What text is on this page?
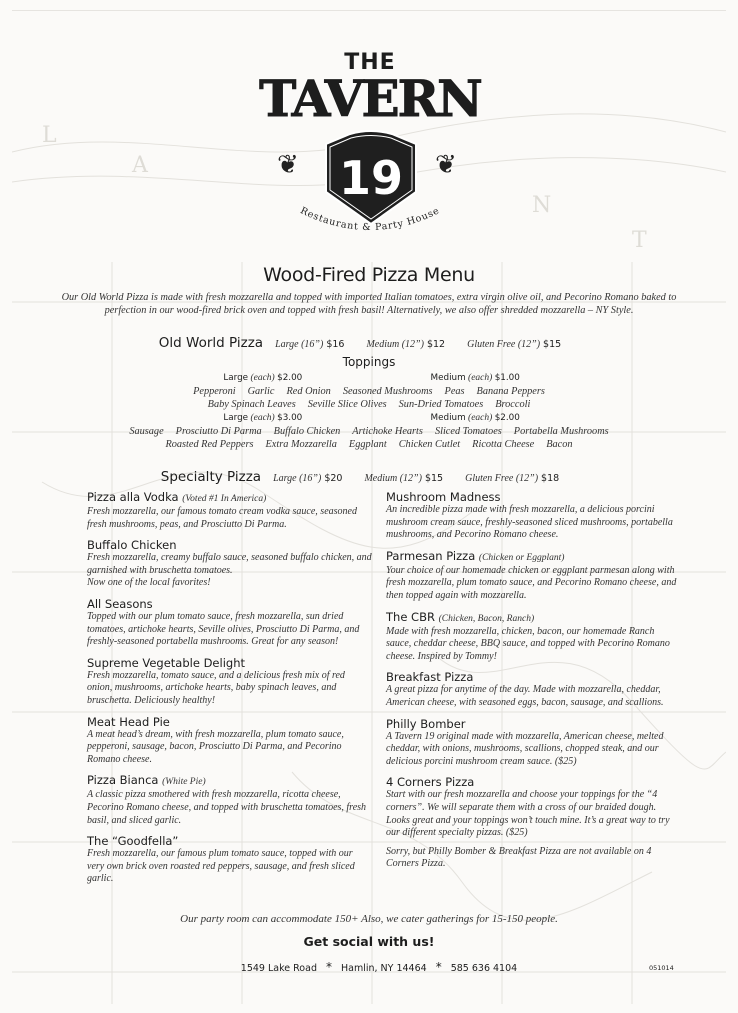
L
A
N
T
THE
TAVERN
❦ 19 ❦
Restaurant & Party House
Wood-Fired Pizza Menu
Our Old World Pizza is made with fresh mozzarella and topped with imported Italian tomatoes, extra virgin olive oil, and Pecorino Romano baked to perfection in our wood-fired brick oven and topped with fresh basil! Alternatively, we also offer shredded mozzarella – NY Style.
Old World Pizza Large (16”) $16 Medium (12”) $12 Gluten Free (12”) $15
Toppings
Large (each) $2.00	Medium (each) $1.00
Pepperoni Garlic Red Onion Seasoned Mushrooms Peas Banana Peppers
Baby Spinach Leaves Seville Slice Olives Sun-Dried Tomatoes Broccoli
Large (each) $3.00	Medium (each) $2.00
Sausage Prosciutto Di Parma Buffalo Chicken Artichoke Hearts Sliced Tomatoes Portabella Mushrooms
Roasted Red Peppers Extra Mozzarella Eggplant Chicken Cutlet Ricotta Cheese Bacon
Specialty Pizza Large (16”) $20 Medium (12”) $15 Gluten Free (12”) $18
Pizza alla Vodka (Voted #1 In America)
Fresh mozzarella, our famous tomato cream vodka sauce, seasoned fresh mushrooms, peas, and Prosciutto Di Parma.
Buffalo Chicken
Fresh mozzarella, creamy buffalo sauce, seasoned buffalo chicken, and garnished with bruschetta tomatoes.
Now one of the local favorites!
All Seasons
Topped with our plum tomato sauce, fresh mozzarella, sun dried tomatoes, artichoke hearts, Seville olives, Prosciutto Di Parma, and freshly-seasoned portabella mushrooms. Great for any season!
Supreme Vegetable Delight
Fresh mozzarella, tomato sauce, and a delicious fresh mix of red onion, mushrooms, artichoke hearts, baby spinach leaves, and bruschetta. Deliciously healthy!
Meat Head Pie
A meat head’s dream, with fresh mozzarella, plum tomato sauce, pepperoni, sausage, bacon, Prosciutto Di Parma, and Pecorino Romano cheese.
Pizza Bianca (White Pie)
A classic pizza smothered with fresh mozzarella, ricotta cheese, Pecorino Romano cheese, and topped with bruschetta tomatoes, fresh basil, and sliced garlic.
The “Goodfella”
Fresh mozzarella, our famous plum tomato sauce, topped with our very own brick oven roasted red peppers, sausage, and fresh sliced garlic.
Mushroom Madness
An incredible pizza made with fresh mozzarella, a delicious porcini mushroom cream sauce, freshly-seasoned sliced mushrooms, portabella mushrooms, and Pecorino Romano cheese.
Parmesan Pizza (Chicken or Eggplant)
Your choice of our homemade chicken or eggplant parmesan along with fresh mozzarella, plum tomato sauce, and Pecorino Romano cheese, and then topped again with mozzarella.
The CBR (Chicken, Bacon, Ranch)
Made with fresh mozzarella, chicken, bacon, our homemade Ranch sauce, cheddar cheese, BBQ sauce, and topped with Pecorino Romano cheese. Inspired by Tommy!
Breakfast Pizza
A great pizza for anytime of the day. Made with mozzarella, cheddar, American cheese, with seasoned eggs, bacon, sausage, and scallions.
Philly Bomber
A Tavern 19 original made with mozzarella, American cheese, melted cheddar, with onions, mushrooms, scallions, chopped steak, and our delicious porcini mushroom cream sauce. ($25)
4 Corners Pizza
Start with our fresh mozzarella and choose your toppings for the “4 corners”. We will separate them with a cross of our braided dough. Looks great and your toppings won’t touch mine. It’s a great way to try our different specialty pizzas. ($25)
Sorry, but Philly Bomber & Breakfast Pizza are not available on 4 Corners Pizza.
Our party room can accommodate 150+ Also, we cater gatherings for 15-150 people.
Get social with us!
1549 Lake Road * Hamlin, NY 14464 * 585 636 4104	051014
